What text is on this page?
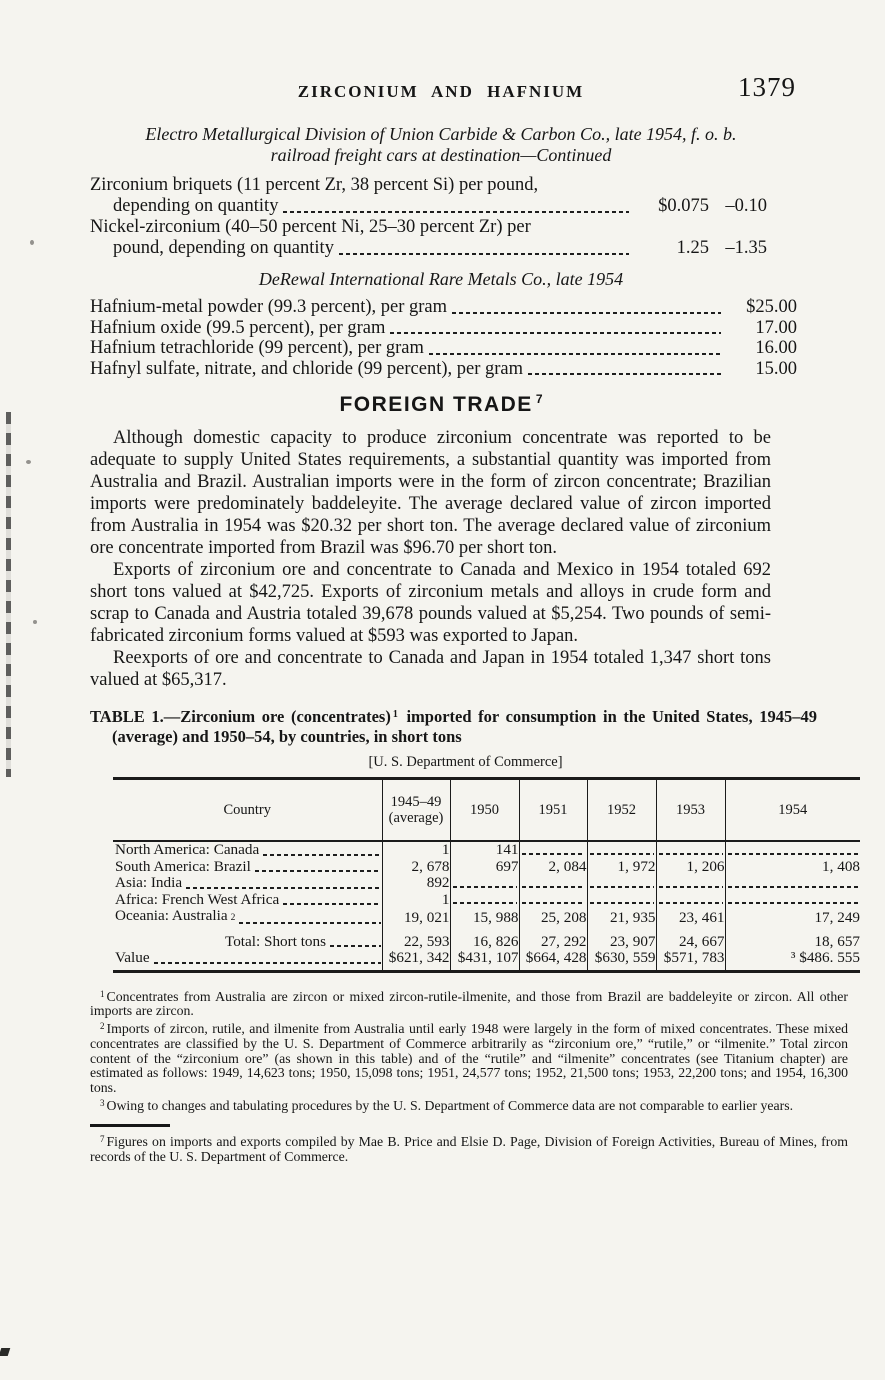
ZIRCONIUM AND HAFNIUM	1379
Electro Metallurgical Division of Union Carbide & Carbon Co., late 1954, f. o. b.
railroad freight cars at destination—Continued
Zirconium briquets (11 percent Zr, 38 percent Si) per pound,
depending on quantity	$0.075 –0.10
Nickel-zirconium (40–50 percent Ni, 25–30 percent Zr) per
pound, depending on quantity	1.25 –1.35
DeRewal International Rare Metals Co., late 1954
Hafnium-metal powder (99.3 percent), per gram	$25.00
Hafnium oxide (99.5 percent), per gram	17.00
Hafnium tetrachloride (99 percent), per gram	16.00
Hafnyl sulfate, nitrate, and chloride (99 percent), per gram	15.00
FOREIGN TRADE $^7$

Although domestic capacity to produce zirconium concentrate was reported to be adequate to supply United States requirements, a substantial quantity was imported from Australia and Brazil. Australian imports were in the form of zircon concentrate; Brazilian imports were predominately baddeleyite. The average declared value of zircon imported from Australia in 1954 was $20.32 per short ton. The average declared value of zirconium ore concentrate imported from Brazil was $96.70 per short ton.

Exports of zirconium ore and concentrate to Canada and Mexico in 1954 totaled 692 short tons valued at $42,725. Exports of zirconium metals and alloys in crude form and scrap to Canada and Austria totaled 39,678 pounds valued at $5,254. Two pounds of semi-fabricated zirconium forms valued at $593 was exported to Japan.

Reexports of ore and concentrate to Canada and Japan in 1954 totaled 1,347 short tons valued at $65,317.

TABLE 1.—Zirconium ore (concentrates) $^1$ imported for consumption in the United States, 1945–49 (average) and 1950–54, by countries, in short tons
[U. S. Department of Commerce]
Country	1945–49 (average)	1950	1951	1952	1953	1954

North America: Canada	1	141				

South America: Brazil	2, 678	697	2, 084	1, 972	1, 206	1, 408

Asia: India	892					

Africa: French West Africa	1					

Oceania: Australia 2	19, 021	15, 988	25, 208	21, 935	23, 461	17, 249

Total: Short tons	22, 593	16, 826	27, 292	23, 907	24, 667	18, 657

Value	$621, 342	$431, 107	$664, 428	$630, 559	$571, 783	³ $486. 555

$^1$ Concentrates from Australia are zircon or mixed zircon-rutile-ilmenite, and those from Brazil are baddeleyite or zircon. All other imports are zircon.

$^2$ Imports of zircon, rutile, and ilmenite from Australia until early 1948 were largely in the form of mixed concentrates. These mixed concentrates are classified by the U. S. Department of Commerce arbitrarily as “zirconium ore,” “rutile,” or “ilmenite.” Total zircon content of the “zirconium ore” (as shown in this table) and of the “rutile” and “ilmenite” concentrates (see Titanium chapter) are estimated as follows: 1949, 14,623 tons; 1950, 15,098 tons; 1951, 24,577 tons; 1952, 21,500 tons; 1953, 22,200 tons; and 1954, 16,300 tons.

$^3$ Owing to changes and tabulating procedures by the U. S. Department of Commerce data are not comparable to earlier years.

$^7$ Figures on imports and exports compiled by Mae B. Price and Elsie D. Page, Division of Foreign Activities, Bureau of Mines, from records of the U. S. Department of Commerce.
